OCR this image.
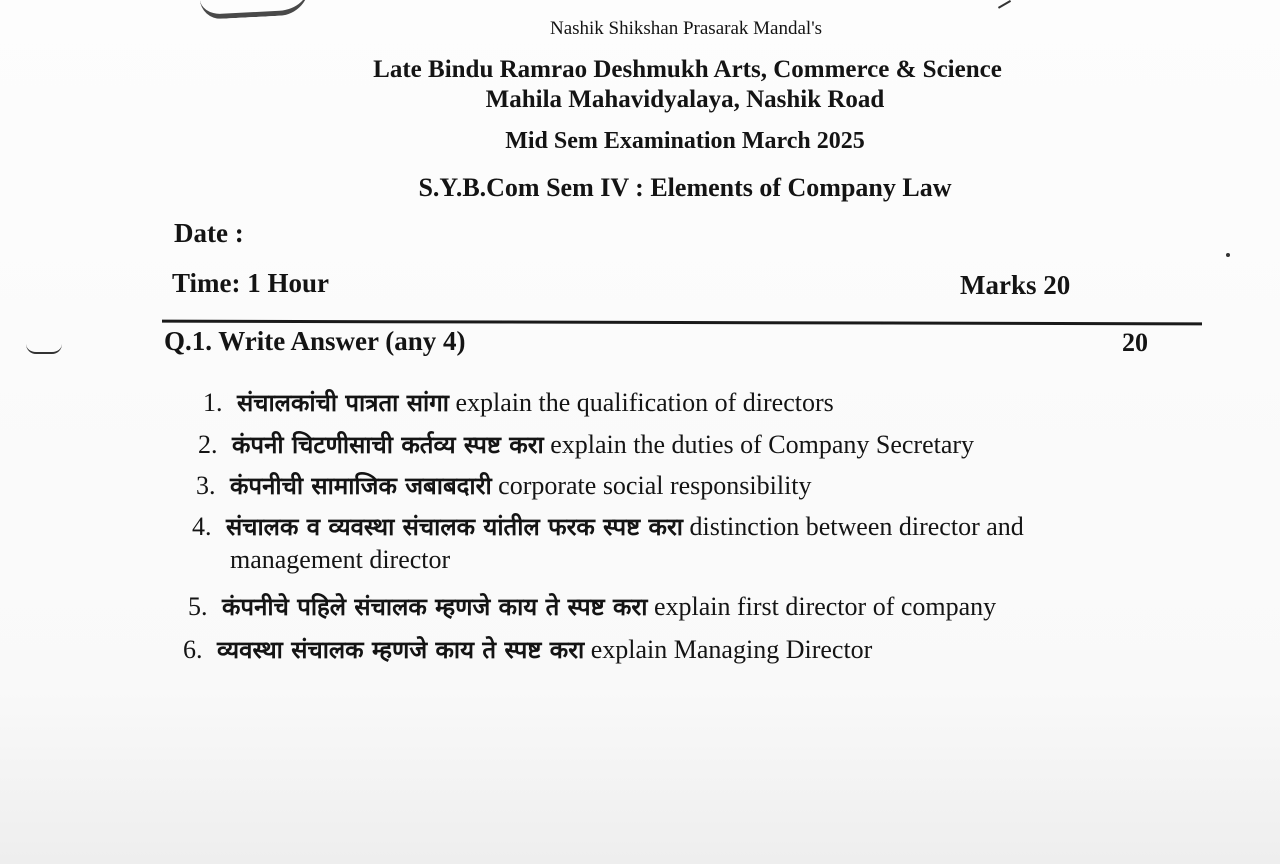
Nashik Shikshan Prasarak Mandal's
Late Bindu Ramrao Deshmukh Arts, Commerce & Science
Mahila Mahavidyalaya, Nashik Road
Mid Sem Examination March 2025
S.Y.B.Com Sem IV : Elements of Company Law
Date :
Time: 1 Hour	Marks 20
Q.1. Write Answer (any 4)	20
1. संचालकांची पात्रता सांगा explain the qualification of directors
2. कंपनी चिटणीसाची कर्तव्य स्पष्ट करा explain the duties of Company Secretary
3. कंपनीची सामाजिक जबाबदारी corporate social responsibility
4. संचालक व व्यवस्था संचालक यांतील फरक स्पष्ट करा distinction between director and
management director
5. कंपनीचे पहिले संचालक म्हणजे काय ते स्पष्ट करा explain first director of company
6. व्यवस्था संचालक म्हणजे काय ते स्पष्ट करा explain Managing Director
